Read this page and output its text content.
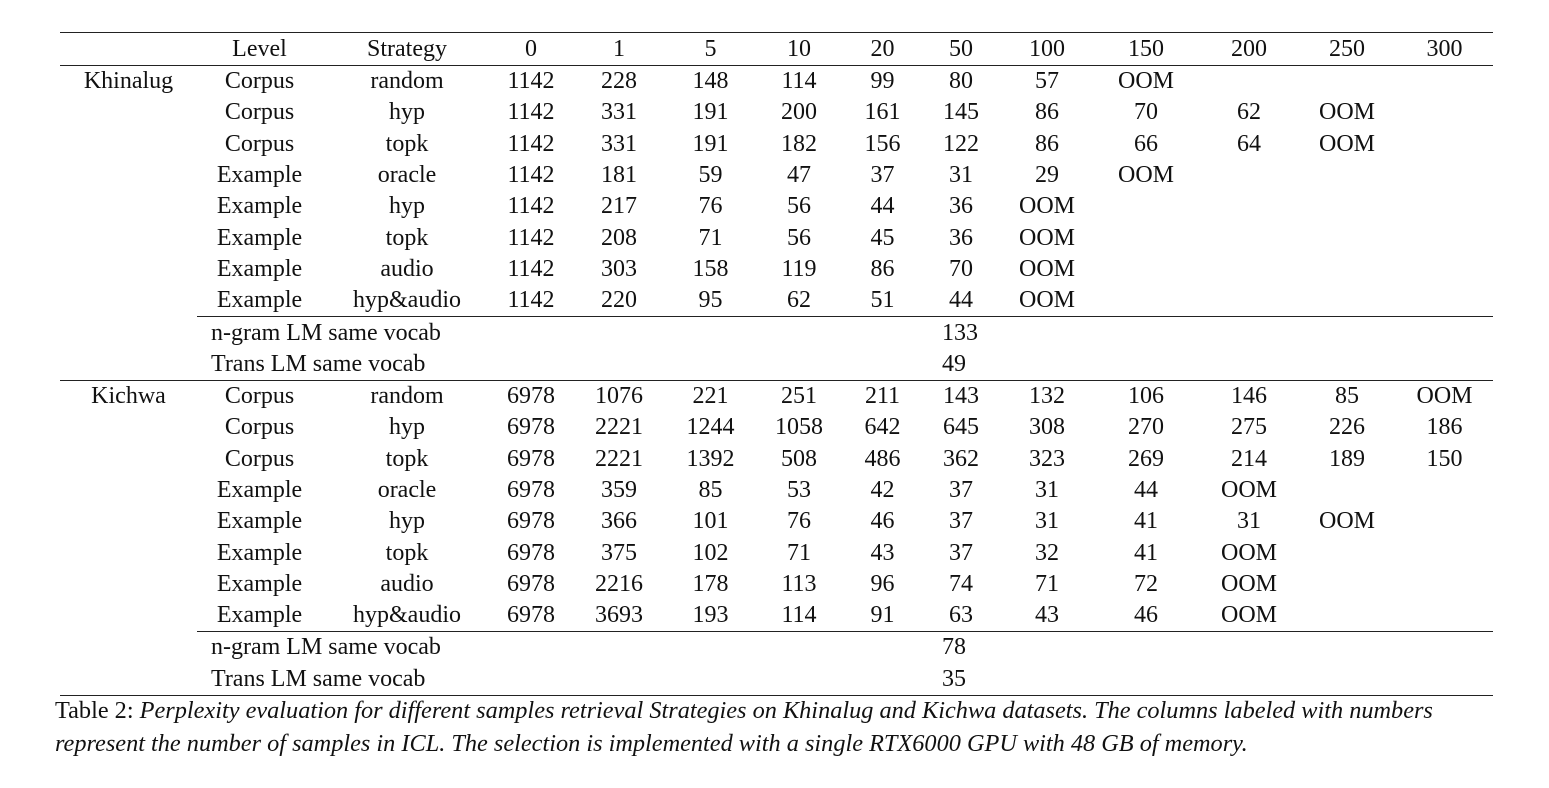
	Level	Strategy	0	1	5	10	20	50	100	150	200	250	300
Khinalug	Corpus	random	1142	228	148	114	99	80	57	OOM			
	Corpus	hyp	1142	331	191	200	161	145	86	70	62	OOM	
	Corpus	topk	1142	331	191	182	156	122	86	66	64	OOM	
	Example	oracle	1142	181	59	47	37	31	29	OOM			
	Example	hyp	1142	217	76	56	44	36	OOM				
	Example	topk	1142	208	71	56	45	36	OOM				
	Example	audio	1142	303	158	119	86	70	OOM				
	Example	hyp&audio	1142	220	95	62	51	44	OOM				
	n-gram LM same vocab							133					
	Trans LM same vocab							49					
Kichwa	Corpus	random	6978	1076	221	251	211	143	132	106	146	85	OOM
	Corpus	hyp	6978	2221	1244	1058	642	645	308	270	275	226	186
	Corpus	topk	6978	2221	1392	508	486	362	323	269	214	189	150
	Example	oracle	6978	359	85	53	42	37	31	44	OOM		
	Example	hyp	6978	366	101	76	46	37	31	41	31	OOM	
	Example	topk	6978	375	102	71	43	37	32	41	OOM		
	Example	audio	6978	2216	178	113	96	74	71	72	OOM		
	Example	hyp&audio	6978	3693	193	114	91	63	43	46	OOM		
	n-gram LM same vocab							78					
	Trans LM same vocab							35					
Table 2: Perplexity evaluation for different samples retrieval Strategies on Khinalug and Kichwa datasets. The columns labeled with numbers represent the number of samples in ICL. The selection is implemented with a single RTX6000 GPU with 48 GB of memory.
